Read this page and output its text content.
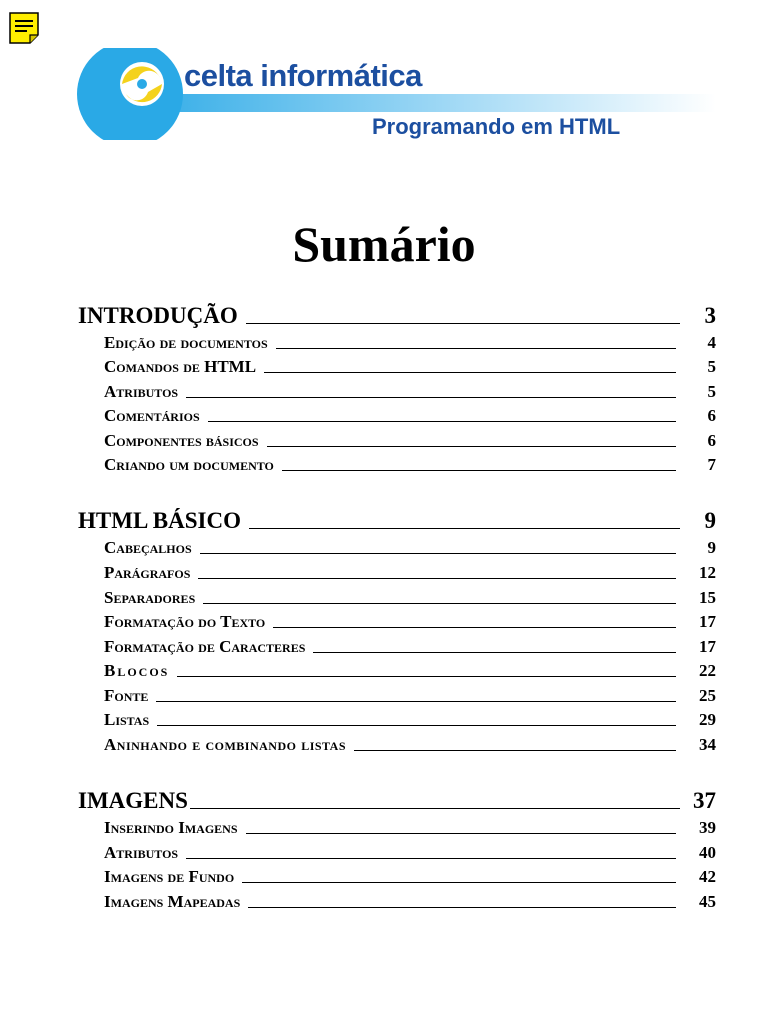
celta informática
Programando em HTML
Sumário
INTRODUÇÃO	3
Edição de documentos	4
Comandos de HTML	5
Atributos	5
Comentários	6
Componentes básicos	6
Criando um documento	7
HTML BÁSICO	9
Cabeçalhos	9
Parágrafos	12
Separadores	15
Formatação do Texto	17
Formatação de Caracteres	17
Blocos	22
Fonte	25
Listas	29
Aninhando e combinando listas	34
IMAGENS	37
Inserindo Imagens	39
Atributos	40
Imagens de Fundo	42
Imagens Mapeadas	45
